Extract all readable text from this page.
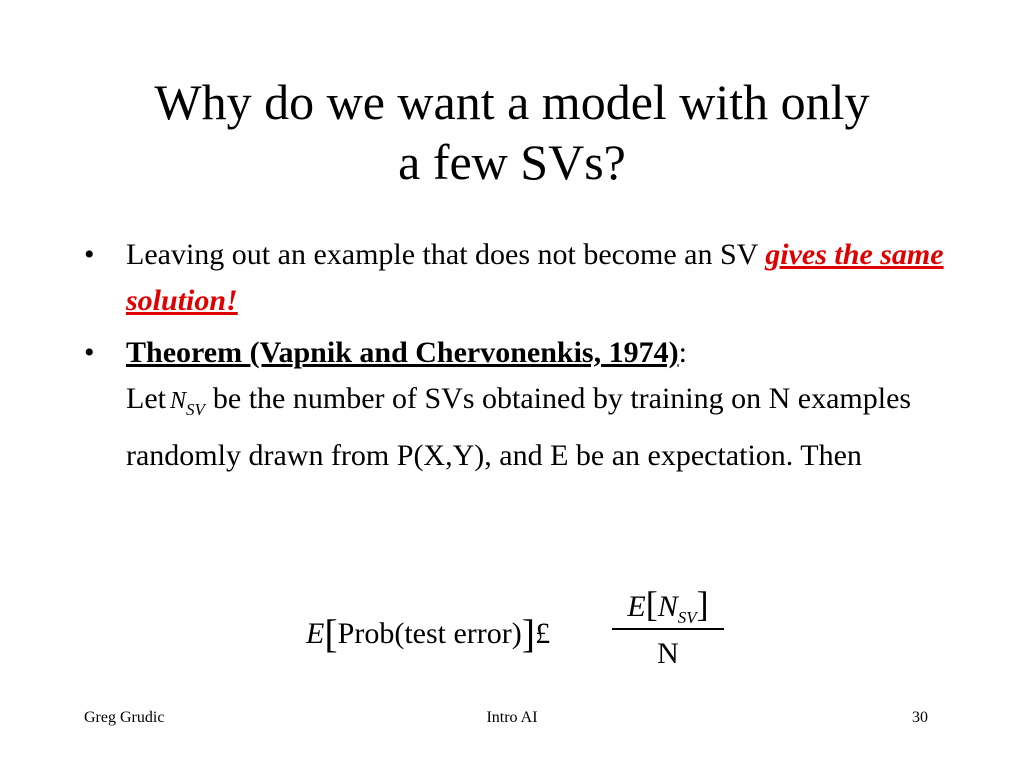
Why do we want a model with only
a few SVs?
•	Leaving out an example that does not become an SV gives the same solution!
•	Theorem (Vapnik and Chervonenkis, 1974):
Let $N_{SV}$ be the number of SVs obtained by training on N examples randomly drawn from P(X,Y), and E be an expectation. Then
E[Prob(test error)]£
$E[N_{SV}]$
N
Greg Grudic	Intro AI	30
